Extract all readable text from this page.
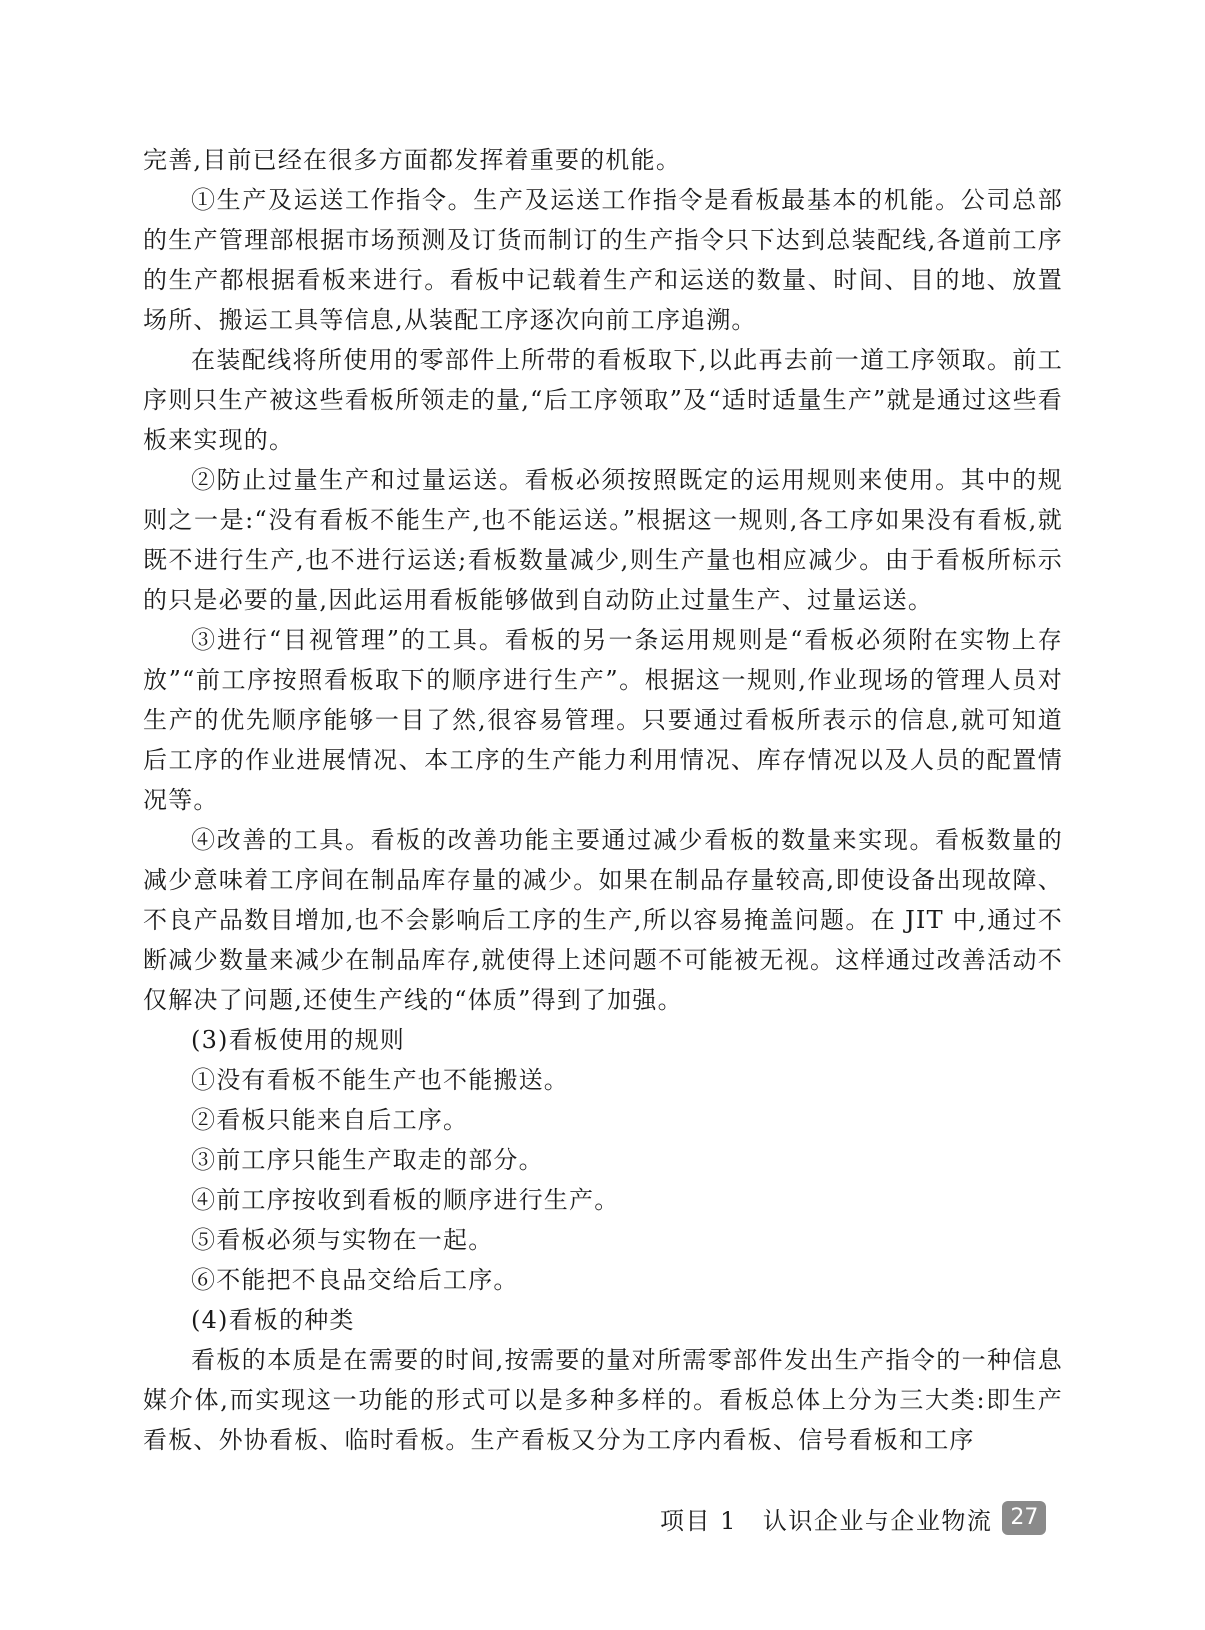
完善,目前已经在很多方面都发挥着重要的机能。

①生产及运送工作指令。生产及运送工作指令是看板最基本的机能。公司总部的生产管理部根据市场预测及订货而制订的生产指令只下达到总装配线,各道前工序的生产都根据看板来进行。看板中记载着生产和运送的数量、时间、目的地、放置场所、搬运工具等信息,从装配工序逐次向前工序追溯。

在装配线将所使用的零部件上所带的看板取下,以此再去前一道工序领取。前工序则只生产被这些看板所领走的量,“后工序领取”及“适时适量生产”就是通过这些看板来实现的。

②防止过量生产和过量运送。看板必须按照既定的运用规则来使用。其中的规则之一是:“没有看板不能生产,也不能运送。”根据这一规则,各工序如果没有看板,就既不进行生产,也不进行运送;看板数量减少,则生产量也相应减少。由于看板所标示的只是必要的量,因此运用看板能够做到自动防止过量生产、过量运送。

③进行“目视管理”的工具。看板的另一条运用规则是“看板必须附在实物上存放”“前工序按照看板取下的顺序进行生产”。根据这一规则,作业现场的管理人员对生产的优先顺序能够一目了然,很容易管理。只要通过看板所表示的信息,就可知道后工序的作业进展情况、本工序的生产能力利用情况、库存情况以及人员的配置情况等。

④改善的工具。看板的改善功能主要通过减少看板的数量来实现。看板数量的减少意味着工序间在制品库存量的减少。如果在制品存量较高,即使设备出现故障、不良产品数目增加,也不会影响后工序的生产,所以容易掩盖问题。在 JIT 中,通过不断减少数量来减少在制品库存,就使得上述问题不可能被无视。这样通过改善活动不仅解决了问题,还使生产线的“体质”得到了加强。

(3)看板使用的规则

①没有看板不能生产也不能搬送。

②看板只能来自后工序。

③前工序只能生产取走的部分。

④前工序按收到看板的顺序进行生产。

⑤看板必须与实物在一起。

⑥不能把不良品交给后工序。

(4)看板的种类

看板的本质是在需要的时间,按需要的量对所需零部件发出生产指令的一种信息媒介体,而实现这一功能的形式可以是多种多样的。看板总体上分为三大类:即生产看板、外协看板、临时看板。生产看板又分为工序内看板、信号看板和工序

项目 1 认识企业与企业物流 27
